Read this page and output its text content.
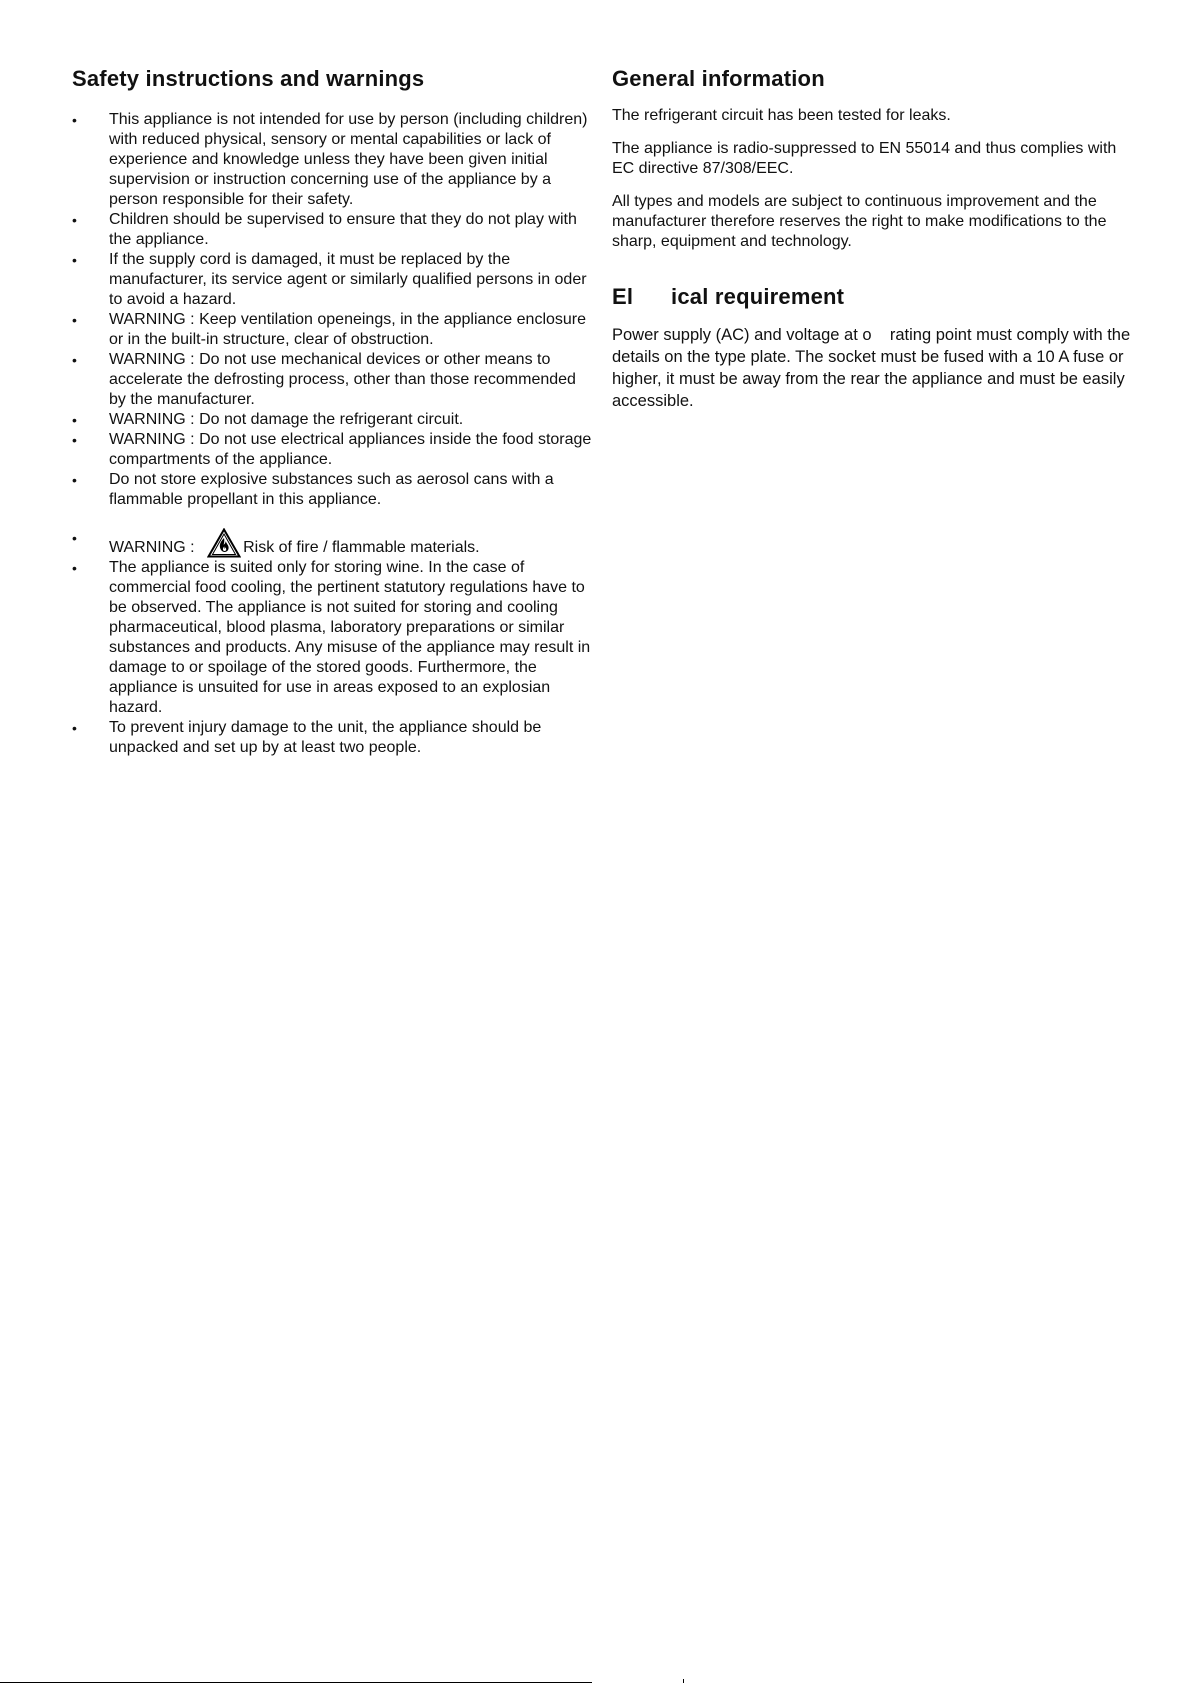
Safety instructions and warnings
• This appliance is not intended for use by person (including children) with reduced physical, sensory or mental capabilities or lack of experience and knowledge unless they have been given initial supervision or instruction concerning use of the appliance by a person responsible for their safety.
• Children should be supervised to ensure that they do not play with the appliance.
• If the supply cord is damaged, it must be replaced by the manufacturer, its service agent or similarly qualified persons in oder to avoid a hazard.
• WARNING : Keep ventilation openeings, in the appliance enclosure or in the built-in structure, clear of obstruction.
• WARNING : Do not use mechanical devices or other means to accelerate the defrosting process, other than those recommended by the manufacturer.
• WARNING : Do not damage the refrigerant circuit.
• WARNING : Do not use electrical appliances inside the food storage compartments of the appliance.
• Do not store explosive substances such as aerosol cans with a flammable propellant in this appliance.
•
WARNING :	Risk of fire / flammable materials.
• The appliance is suited only for storing wine. In the case of commercial food cooling, the pertinent statutory regulations have to be observed. The appliance is not suited for storing and cooling pharmaceutical, blood plasma, laboratory preparations or similar substances and products. Any misuse of the appliance may result in damage to or spoilage of the stored goods. Furthermore, the appliance is unsuited for use in areas exposed to an explosian hazard.
• To prevent injury damage to the unit, the appliance should be unpacked and set up by at least two people.
General information

The refrigerant circuit has been tested for leaks.

The appliance is radio-suppressed to EN 55014 and thus complies with EC directive 87/308/EEC.

All types and models are subject to continuous improvement and the manufacturer therefore reserves the right to make modifications to the sharp, equipment and technology.

El      ical requirement

Power supply (AC) and voltage at o    rating point must comply with the details on the type plate. The socket must be fused with a 10 A fuse or higher, it must be away from the rear the appliance and must be easily accessible.
